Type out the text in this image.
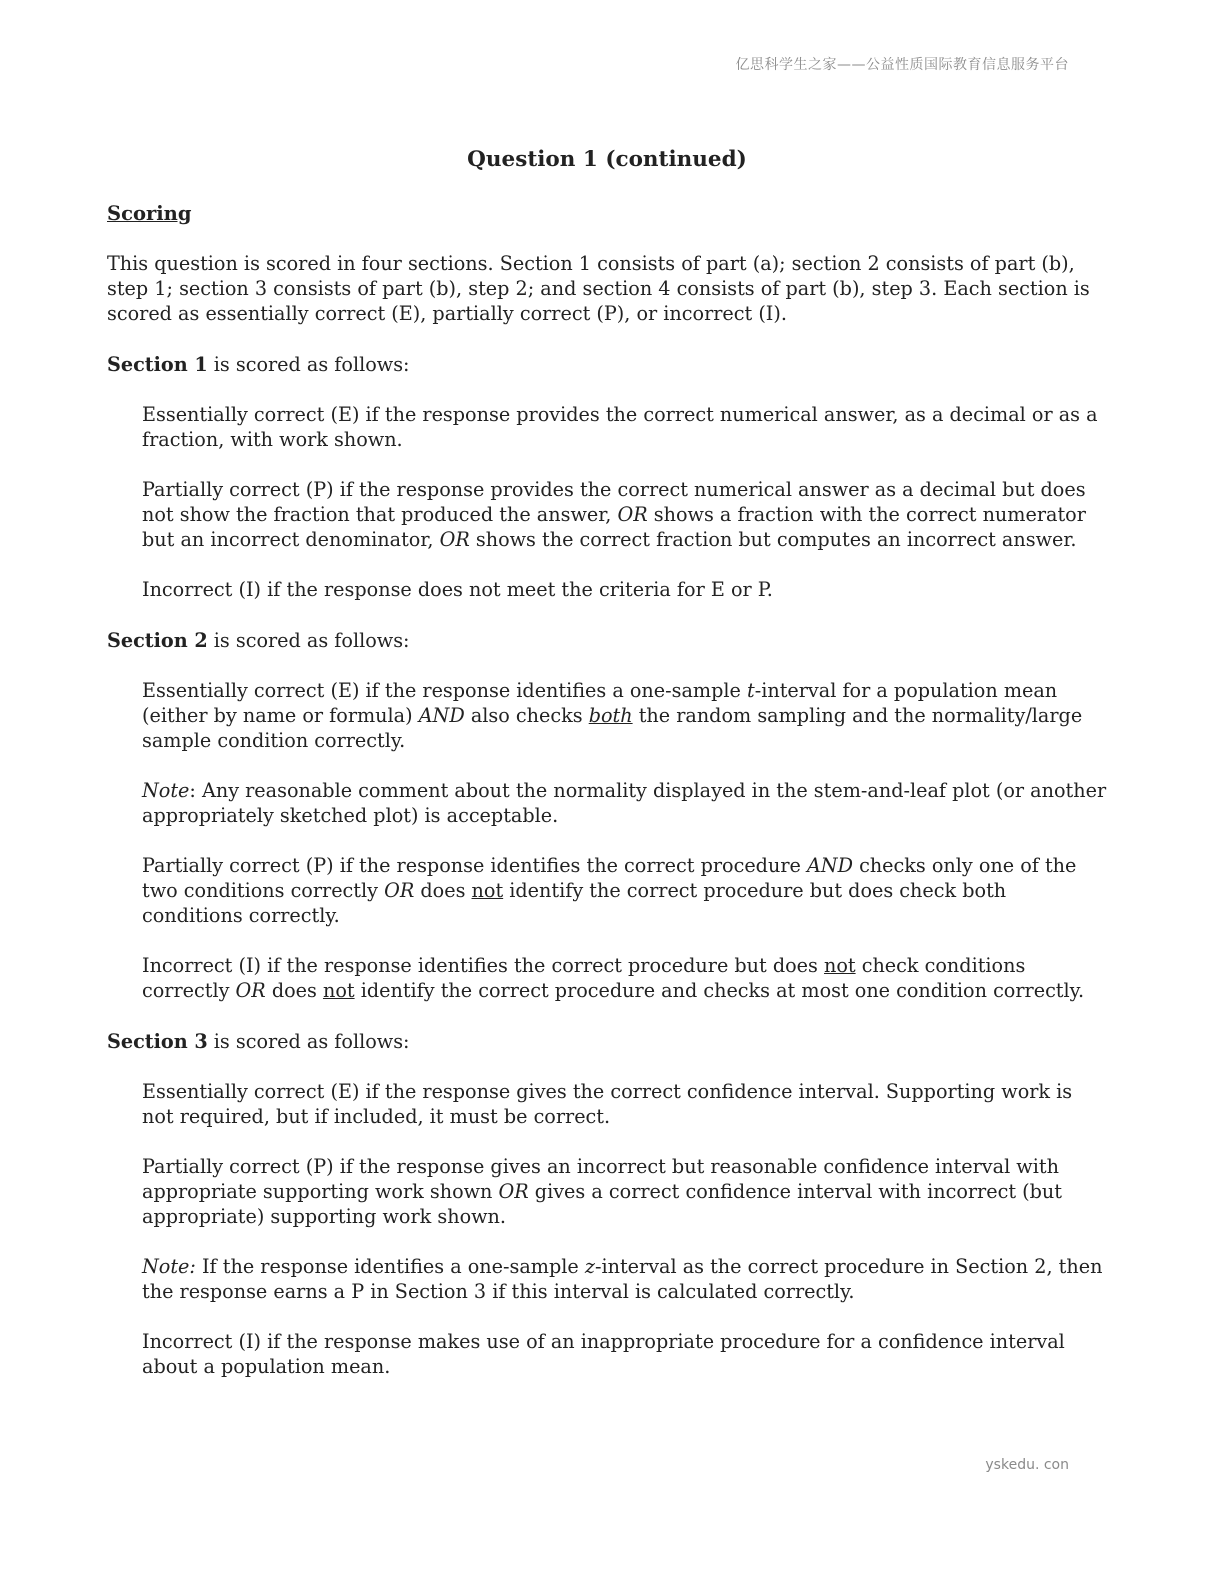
亿思科学生之家——公益性质国际教育信息服务平台
Question 1 (continued)
Scoring

This question is scored in four sections. Section 1 consists of part (a); section 2 consists of part (b), step 1; section 3 consists of part (b), step 2; and section 4 consists of part (b), step 3. Each section is scored as essentially correct (E), partially correct (P), or incorrect (I).

Section 1 is scored as follows:

Essentially correct (E) if the response provides the correct numerical answer, as a decimal or as a fraction, with work shown.

Partially correct (P) if the response provides the correct numerical answer as a decimal but does not show the fraction that produced the answer, OR shows a fraction with the correct numerator but an incorrect denominator, OR shows the correct fraction but computes an incorrect answer.

Incorrect (I) if the response does not meet the criteria for E or P.

Section 2 is scored as follows:

Essentially correct (E) if the response identifies a one-sample t-interval for a population mean (either by name or formula) AND also checks both the random sampling and the normality/large sample condition correctly.

Note: Any reasonable comment about the normality displayed in the stem-and-leaf plot (or another appropriately sketched plot) is acceptable.

Partially correct (P) if the response identifies the correct procedure AND checks only one of the two conditions correctly OR does not identify the correct procedure but does check both conditions correctly.

Incorrect (I) if the response identifies the correct procedure but does not check conditions correctly OR does not identify the correct procedure and checks at most one condition correctly.

Section 3 is scored as follows:

Essentially correct (E) if the response gives the correct confidence interval. Supporting work is not required, but if included, it must be correct.

Partially correct (P) if the response gives an incorrect but reasonable confidence interval with appropriate supporting work shown OR gives a correct confidence interval with incorrect (but appropriate) supporting work shown.

Note: If the response identifies a one-sample z-interval as the correct procedure in Section 2, then the response earns a P in Section 3 if this interval is calculated correctly.

Incorrect (I) if the response makes use of an inappropriate procedure for a confidence interval about a population mean.

yskedu. con
